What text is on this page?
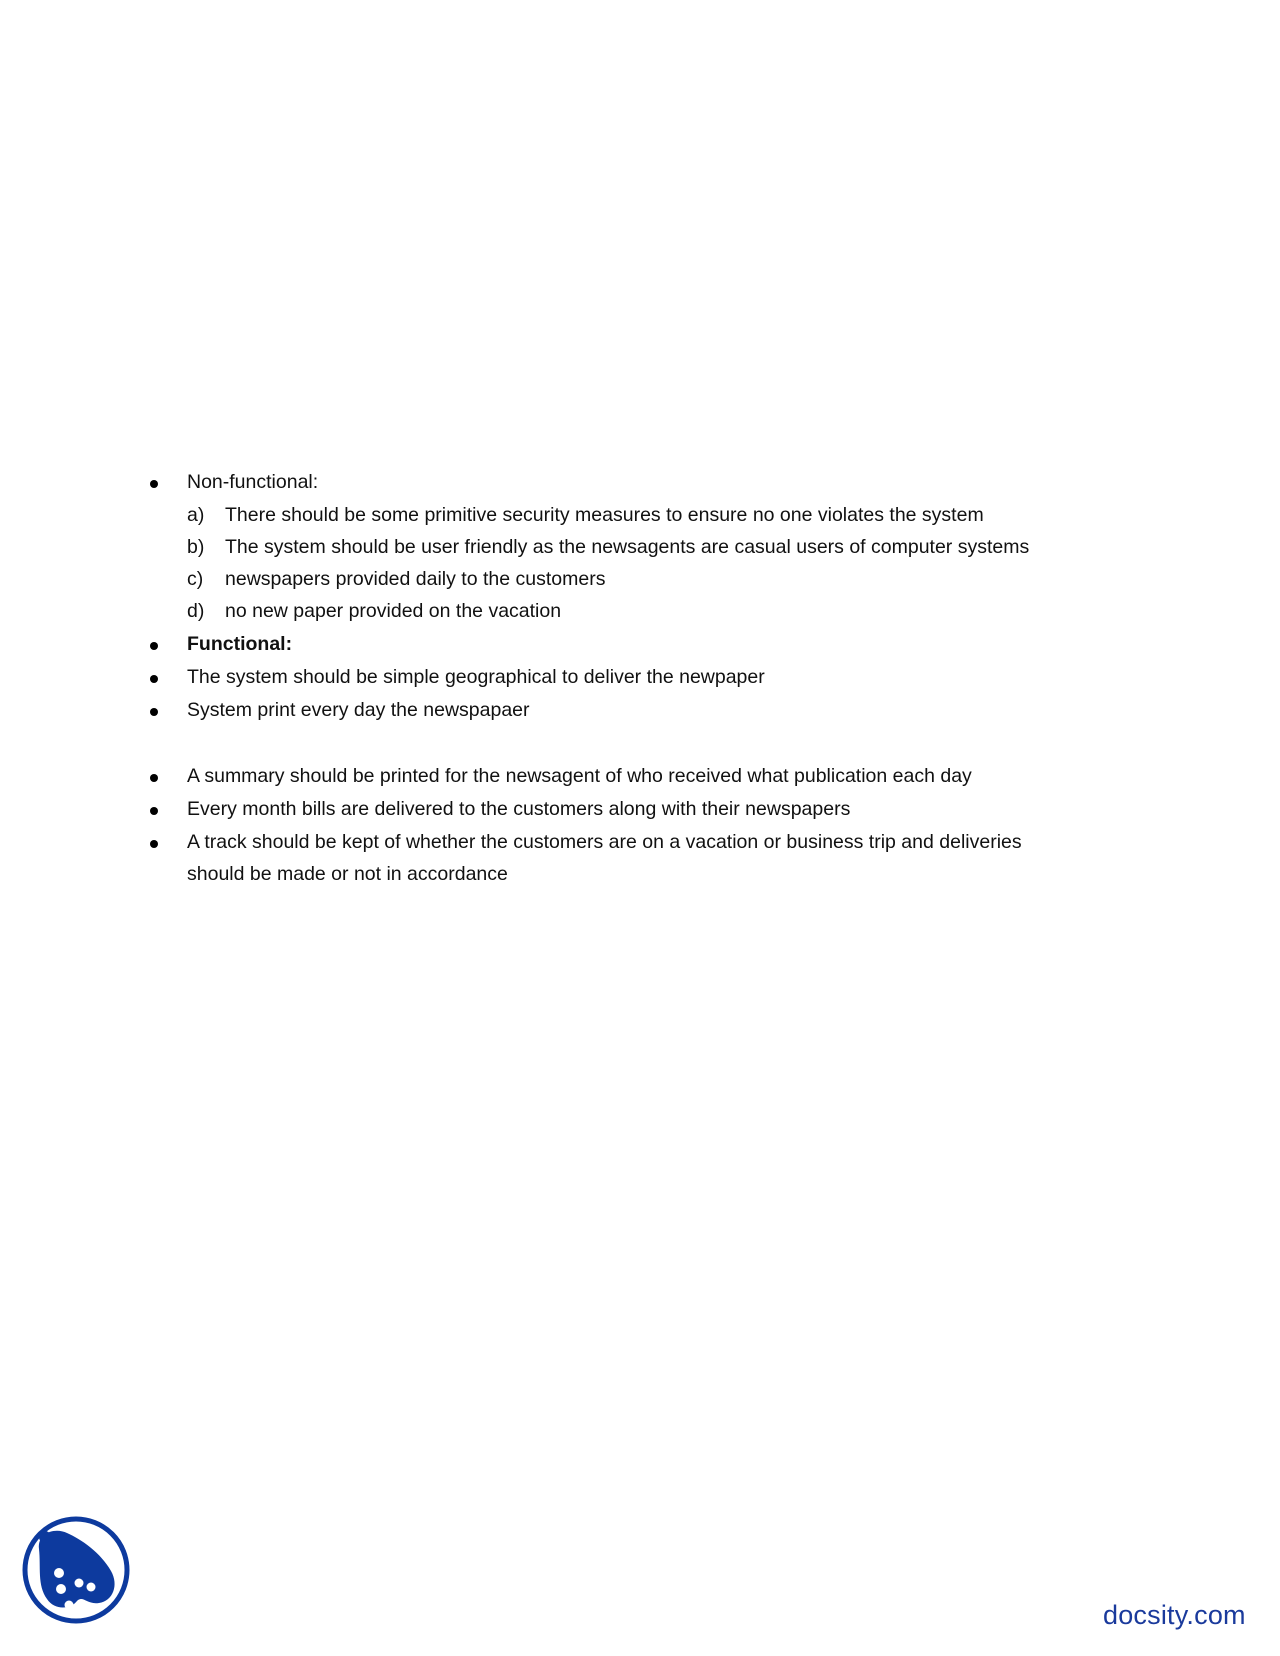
Non-functional:
a) There should be some primitive security measures to ensure no one violates the system
b) The system should be user friendly as the newsagents are casual users of computer systems
c) newspapers provided daily to the customers
d) no new paper provided on the vacation
Functional:
The system should be simple geographical to deliver the newpaper
System print every day the newspapaer
A summary should be printed for the newsagent of who received what publication each day
Every month bills are delivered to the customers along with their newspapers
A track should be kept of whether the customers are on a vacation or business trip and deliveries
should be made or not in accordance
docsity.com
